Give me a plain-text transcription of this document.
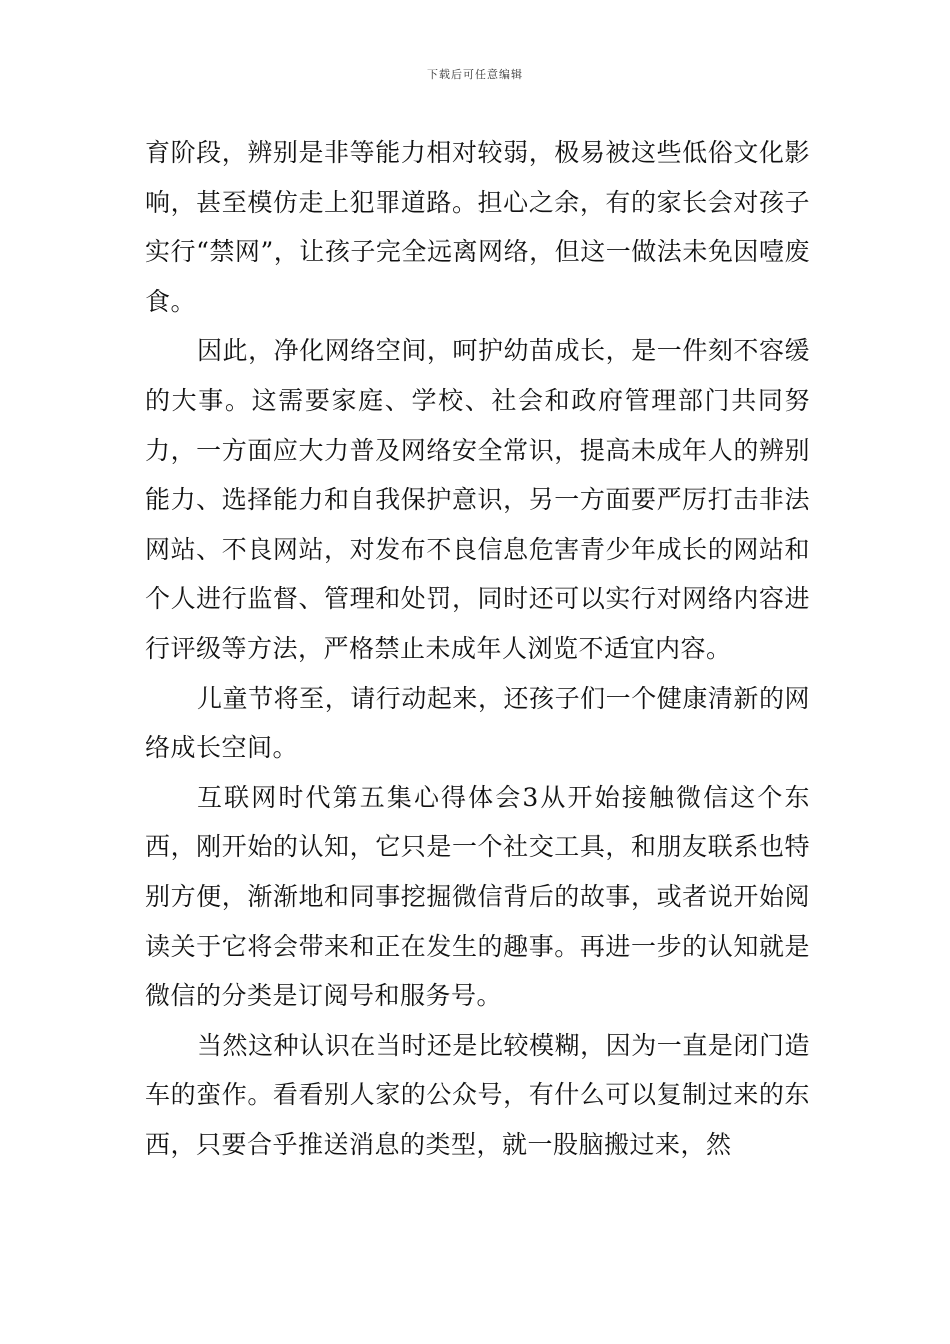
下载后可任意编辑

育阶段，辨别是非等能力相对较弱，极易被这些低俗文化影响，甚至模仿走上犯罪道路。担心之余，有的家长会对孩子实行“禁网”，让孩子完全远离网络，但这一做法未免因噎废食。

因此，净化网络空间，呵护幼苗成长，是一件刻不容缓的大事。这需要家庭、学校、社会和政府管理部门共同努力，一方面应大力普及网络安全常识，提高未成年人的辨别能力、选择能力和自我保护意识，另一方面要严厉打击非法网站、不良网站，对发布不良信息危害青少年成长的网站和个人进行监督、管理和处罚，同时还可以实行对网络内容进行评级等方法，严格禁止未成年人浏览不适宜内容。

儿童节将至，请行动起来，还孩子们一个健康清新的网络成长空间。

互联网时代第五集心得体会3从开始接触微信这个东西，刚开始的认知，它只是一个社交工具，和朋友联系也特别方便，渐渐地和同事挖掘微信背后的故事，或者说开始阅读关于它将会带来和正在发生的趣事。再进一步的认知就是微信的分类是订阅号和服务号。

当然这种认识在当时还是比较模糊，因为一直是闭门造车的蛮作。看看别人家的公众号，有什么可以复制过来的东西，只要合乎推送消息的类型，就一股脑搬过来，然
